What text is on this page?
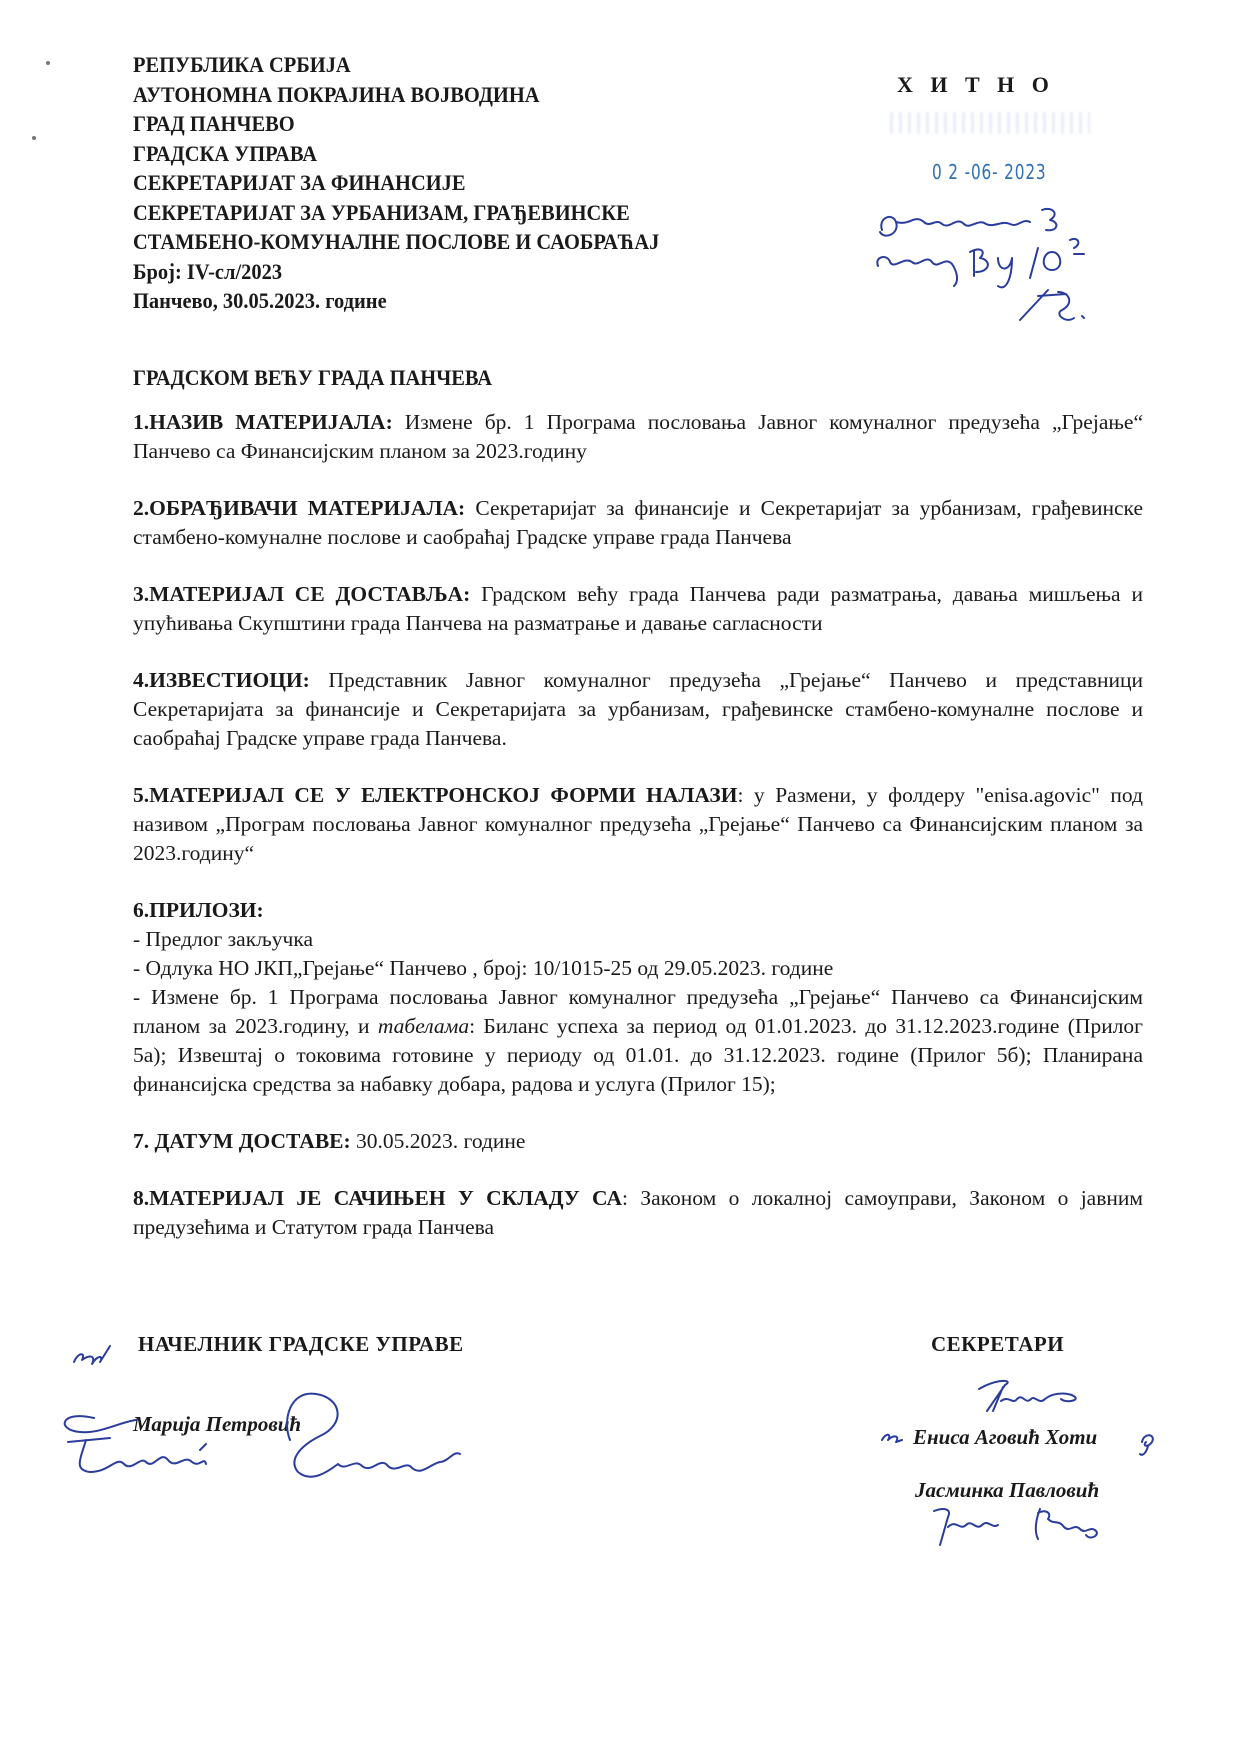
РЕПУБЛИКА СРБИЈА
АУТОНОМНА ПОКРАЈИНА ВОЈВОДИНА
ГРАД ПАНЧЕВО
ГРАДСКА УПРАВА
СЕКРЕТАРИЈАТ ЗА ФИНАНСИЈЕ
СЕКРЕТАРИЈАТ ЗА УРБАНИЗАМ, ГРАЂЕВИНСКЕ
СТАМБЕНО-КОМУНАЛНЕ ПОСЛОВЕ И САОБРАЋАЈ
Број: IV-сл/2023
Панчево, 30.05.2023. године
Х И Т Н О
0 2 -06- 2023
ГРАДСКОМ ВЕЋУ ГРАДА ПАНЧЕВА
1.НАЗИВ МАТЕРИЈАЛА: Измене бр. 1 Програма пословања Јавног комуналног предузећа „Грејање“ Панчево са Финансијским планом за 2023.годину
2.ОБРАЂИВАЧИ МАТЕРИЈАЛА: Секретаријат за финансије и Секретаријат за урбанизам, грађевинске стамбено-комуналне послове и саобраћај Градске управе града Панчева
3.МАТЕРИЈАЛ СЕ ДОСТАВЉА: Градском већу града Панчева ради разматрања, давања мишљења и упућивања Скупштини града Панчева на разматрање и давање сагласности
4.ИЗВЕСТИОЦИ: Представник Јавног комуналног предузећа „Грејање“ Панчево и представници Секретаријата за финансије и Секретаријата за урбанизам, грађевинске стамбено-комуналне послове и саобраћај Градске управе града Панчева.
5.МАТЕРИЈАЛ СЕ У ЕЛЕКТРОНСКОЈ ФОРМИ НАЛАЗИ: у Размени, у фолдеру "enisa.agovic" под називом „Програм пословања Јавног комуналног предузећа „Грејање“ Панчево са Финансијским планом за 2023.годину“

6.ПРИЛОЗИ:

- Предлог закључка

- Одлука НО ЈКП„Грејање“ Панчево , број: 10/1015-25 од 29.05.2023. године

- Измене бр. 1 Програма пословања Јавног комуналног предузећа „Грејање“ Панчево са Финансијским планом за 2023.годину, и табелама: Биланс успеха за период од 01.01.2023. до 31.12.2023.године (Прилог 5а); Извештај о токовима готовине у периоду од 01.01. до 31.12.2023. године (Прилог 5б); Планирана финансијска средства за набавку добара, радова и услуга (Прилог 15);

7. ДАТУМ ДОСТАВЕ: 30.05.2023. године
8.МАТЕРИЈАЛ ЈЕ САЧИЊЕН У СКЛАДУ СА: Законом о локалној самоуправи, Законом о јавним предузећима и Статутом града Панчева
НАЧЕЛНИК ГРАДСКЕ УПРАВЕ
Марија Петровић
СЕКРЕТАРИ
Ениса Аговић Хоти
Јасминка Павловић
